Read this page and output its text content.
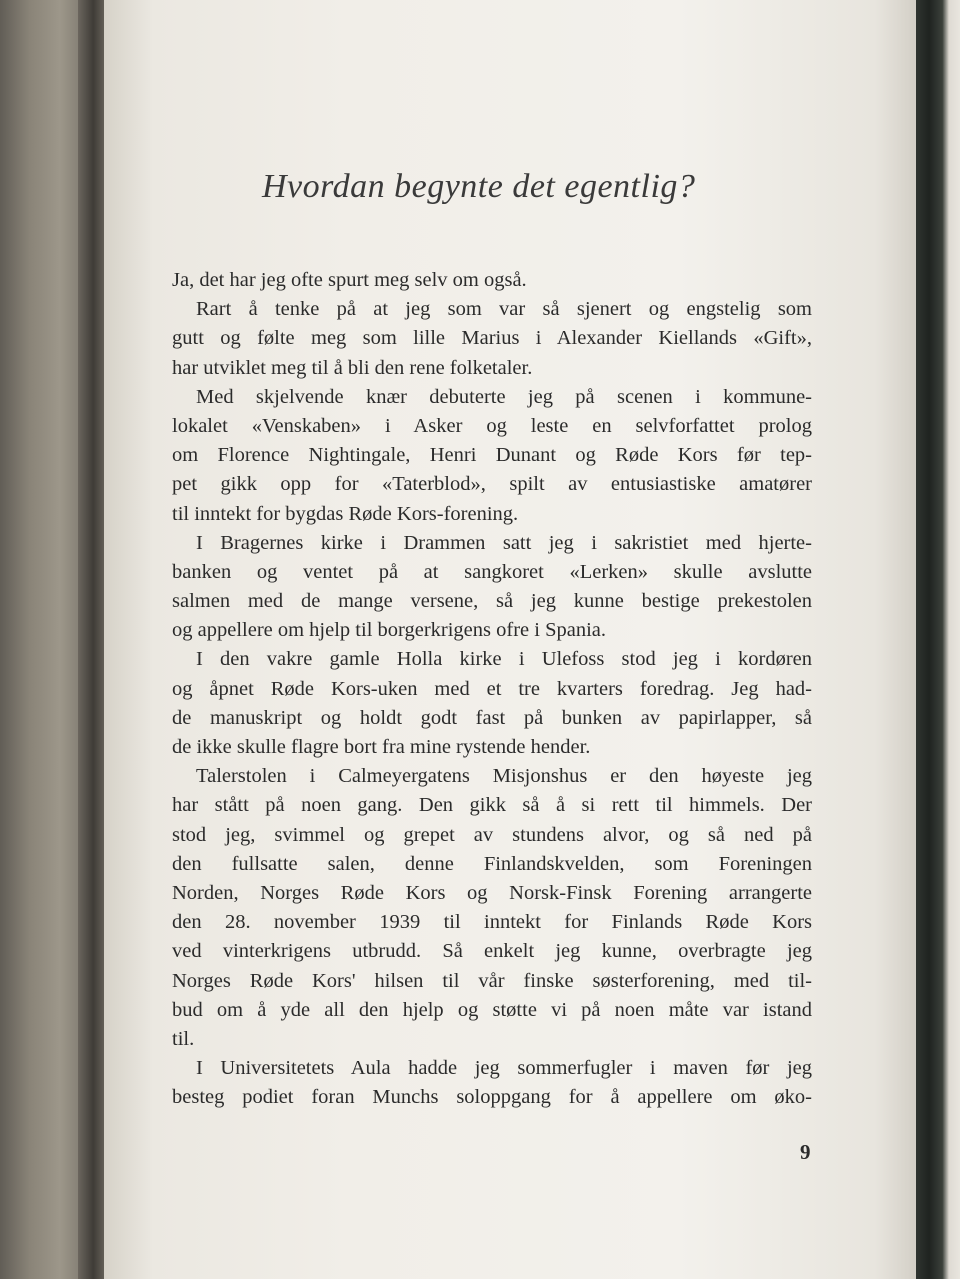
Hvordan begynte det egentlig?
Ja, det har jeg ofte spurt meg selv om også.
Rart å tenke på at jeg som var så sjenert og engstelig som
gutt og følte meg som lille Marius i Alexander Kiellands «Gift»,
har utviklet meg til å bli den rene folketaler.
Med skjelvende knær debuterte jeg på scenen i kommune-
lokalet «Venskaben» i Asker og leste en selvforfattet prolog
om Florence Nightingale, Henri Dunant og Røde Kors før tep-
pet gikk opp for «Taterblod», spilt av entusiastiske amatører
til inntekt for bygdas Røde Kors-forening.
I Bragernes kirke i Drammen satt jeg i sakristiet med hjerte-
banken og ventet på at sangkoret «Lerken» skulle avslutte
salmen med de mange versene, så jeg kunne bestige prekestolen
og appellere om hjelp til borgerkrigens ofre i Spania.
I den vakre gamle Holla kirke i Ulefoss stod jeg i kordøren
og åpnet Røde Kors-uken med et tre kvarters foredrag. Jeg had-
de manuskript og holdt godt fast på bunken av papirlapper, så
de ikke skulle flagre bort fra mine rystende hender.
Talerstolen i Calmeyergatens Misjonshus er den høyeste jeg
har stått på noen gang. Den gikk så å si rett til himmels. Der
stod jeg, svimmel og grepet av stundens alvor, og så ned på
den fullsatte salen, denne Finlandskvelden, som Foreningen
Norden, Norges Røde Kors og Norsk-Finsk Forening arrangerte
den 28. november 1939 til inntekt for Finlands Røde Kors
ved vinterkrigens utbrudd. Så enkelt jeg kunne, overbragte jeg
Norges Røde Kors' hilsen til vår finske søsterforening, med til-
bud om å yde all den hjelp og støtte vi på noen måte var istand
til.
I Universitetets Aula hadde jeg sommerfugler i maven før jeg
besteg podiet foran Munchs soloppgang for å appellere om øko-
9
